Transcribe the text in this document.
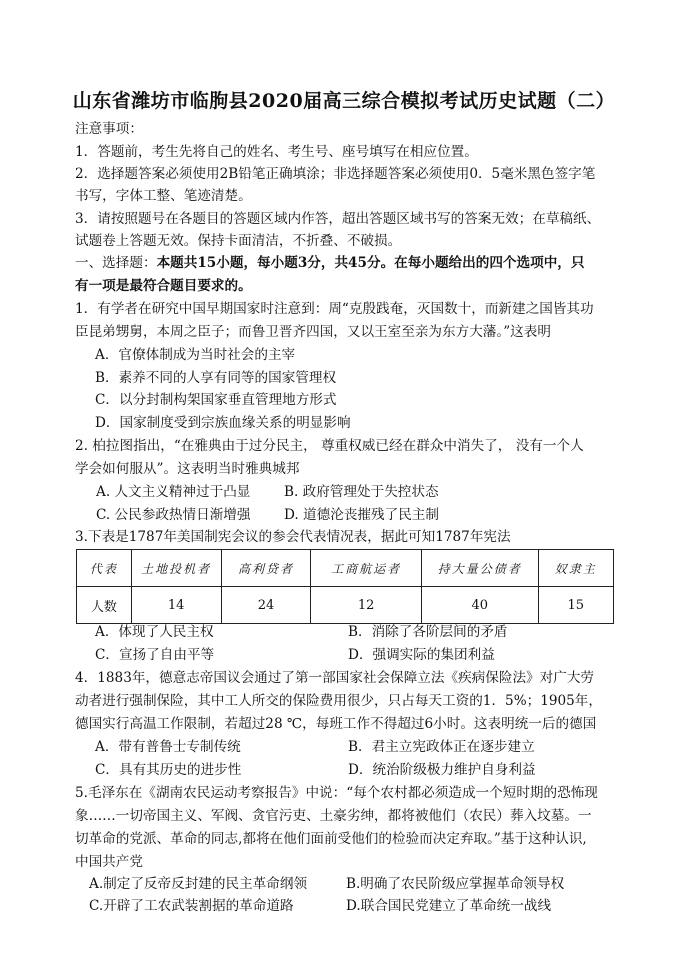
山东省潍坊市临朐县2020届高三综合模拟考试历史试题（二）
注意事项：
1．答题前，考生先将自己的姓名、考生号、座号填写在相应位置。
2．选择题答案必须使用2B铅笔正确填涂；非选择题答案必须使用0．5毫米黑色签字笔
书写，字体工整、笔迹清楚。
3．请按照题号在各题目的答题区域内作答，超出答题区域书写的答案无效；在草稿纸、
试题卷上答题无效。保持卡面清洁，不折叠、不破损。
一、选择题：本题共15小题，每小题3分，共45分。在每小题给出的四个选项中，只
有一项是最符合题目要求的。
1．有学者在研究中国早期国家时注意到：周“克殷践奄，灭国数十，而新建之国皆其功
臣昆弟甥舅，本周之臣子；而鲁卫晋齐四国，又以王室至亲为东方大藩。”这表明
A．官僚体制成为当时社会的主宰
B．素养不同的人享有同等的国家管理权
C．以分封制构架国家垂直管理地方形式
D．国家制度受到宗族血缘关系的明显影响
2. 柏拉图指出，“在雅典由于过分民主， 尊重权威已经在群众中消失了， 没有一个人
学会如何服从”。这表明当时雅典城邦
A. 人文主义精神过于凸显 B. 政府管理处于失控状态
C. 公民参政热情日渐增强 D. 道德沦丧摧残了民主制
3.下表是1787年美国制宪会议的参会代表情况表，据此可知1787年宪法
代表	土地投机者	高利贷者	工商航运者	持大量公债者	奴隶主
人数	14	24	12	40	15
A．体现了人民主权	B．消除了各阶层间的矛盾
C．宣扬了自由平等	D．强调实际的集团利益
4．1883年，德意志帝国议会通过了第一部国家社会保障立法《疾病保险法》对广大劳
动者进行强制保险，其中工人所交的保险费用很少，只占每天工资的1．5%；1905年，
德国实行高温工作限制，若超过28 ℃，每班工作不得超过6小时。这表明统一后的德国
A．带有普鲁士专制传统	B．君主立宪政体正在逐步建立
C．具有其历史的进步性	D．统治阶级极力维护自身利益
5.毛泽东在《湖南农民运动考察报告》中说：“每个农村都必须造成一个短时期的恐怖现
象……一切帝国主义、军阀、贪官污吏、土豪劣绅，都将被他们（农民）葬入坟墓。一
切革命的党派、革命的同志,都将在他们面前受他们的检验而决定弃取。”基于这种认识,
中国共产党
A.制定了反帝反封建的民主革命纲领	B.明确了农民阶级应掌握革命领导权
C.开辟了工农武装割据的革命道路	D.联合国民党建立了革命统一战线
